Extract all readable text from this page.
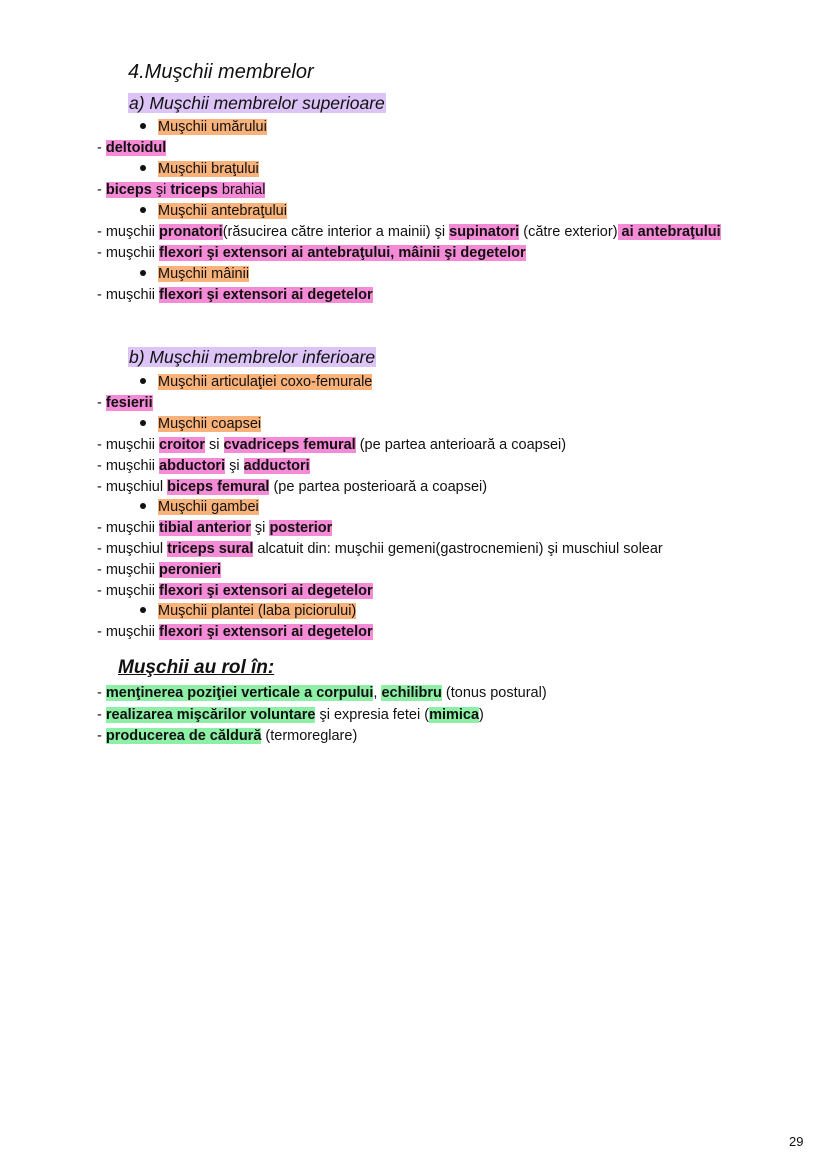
4.Muşchii membrelor
a) Muşchii membrelor superioare
Muşchii umărului
- deltoidul
Muşchii braţului
- biceps şi triceps brahial
Muşchii antebraţului
- muşchii pronatori(răsucirea către interior a mainii) şi supinatori (către exterior) ai antebraţului
- muşchii flexori şi extensori ai antebraţului, mâinii şi degetelor
Muşchii mâinii
- muşchii flexori şi extensori ai degetelor
b) Muşchii membrelor inferioare
Muşchii articulaţiei coxo-femurale
- fesierii
Muşchii coapsei
- muşchii croitor si cvadriceps femural (pe partea anterioară a coapsei)
- muşchii abductori şi adductori
- muşchiul biceps femural (pe partea posterioară a coapsei)
Muşchii gambei
- muşchii tibial anterior şi posterior
- muşchiul triceps sural alcatuit din: muşchii gemeni(gastrocnemieni) şi muschiul solear
- muşchii peronieri
- muşchii flexori şi extensori ai degetelor
Muşchii plantei (laba piciorului)
- muşchii flexori şi extensori ai degetelor
Muşchii au rol în:
- menţinerea poziţiei verticale a corpului, echilibru (tonus postural)
- realizarea mişcărilor voluntare şi expresia fetei (mimica)
- producerea de căldură (termoreglare)
29
